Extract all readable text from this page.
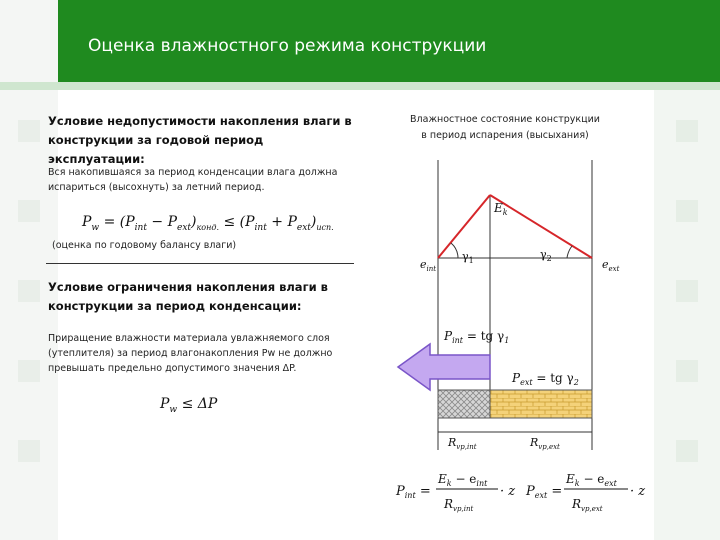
Оценка влажностного режима конструкции
Условие недопустимости накопления влаги в конструкции за годовой период эксплуатации:
Вся накопившаяся за период конденсации влага должна испариться (высохнуть) за летний период.
$P_w = (P_{int} - P_{ext})_{конд.} \le (P_{int} + P_{ext})_{исп.}$
(оценка по годовому балансу влаги)
Условие ограничения накопления влаги в конструкции за период конденсации:
Приращение влажности материала увлажняемого слоя (утеплителя) за период влагонакопления Pw не должно превышать предельно допустимого значения ΔP.
$P_w \le \Delta P$
Влажностное состояние конструкции
в период испарения (высыхания)
$E_k$
$e_{int}$	$e_{ext}$
$\gamma_1$	$\gamma_2$
$P_{int}$ = tg $\gamma_1$
$P_{ext}$ = tg $\gamma_2$
$R_{vp,int}$	$R_{vp,ext}$
$P_{int}$ =
$E_k - e_{int}$
$R_{vp,int}$
· z $P_{ext}$ =
$E_k - e_{ext}$
$R_{vp,ext}$
· z
